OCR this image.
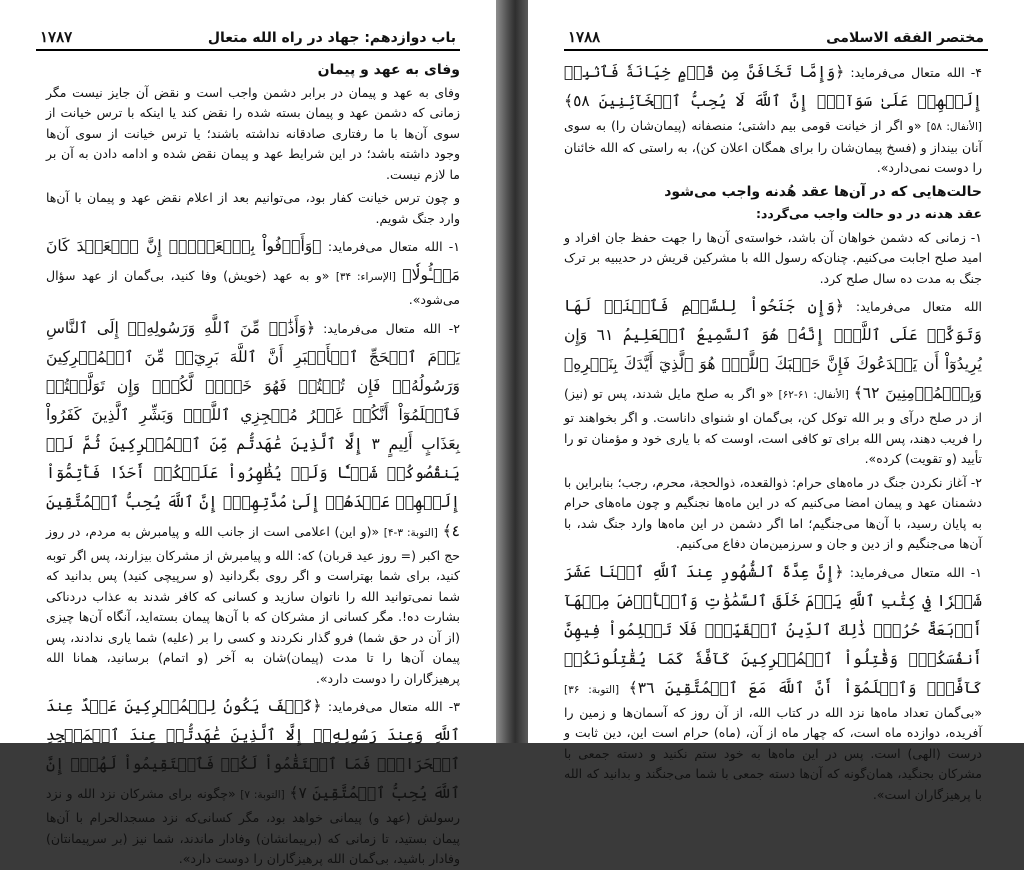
باب دوازدهم: جهاد در راه الله متعال
۱۷۸۷

وفای به عهد و پیمان

وفای به عهد و پیمان در برابر دشمن واجب است و نقض آن جایز نیست مگر زمانی که دشمن عهد و پیمان بسته شده را نقض کند یا اینکه با ترس خیانت از سوی آن‌ها با ما رفتاری صادقانه نداشته باشند؛ یا ترس خیانت از سوی آن‌ها وجود داشته باشد؛ در این شرایط عهد و پیمان نقض شده و ادامه دادن به آن بر ما لازم نیست.

و چون ترس خیانت کفار بود، می‌توانیم بعد از اعلام نقض عهد و پیمان با آن‌ها وارد جنگ شویم.

۱- الله متعال می‌فرماید: ﴿وَأَوۡفُواْ بِٱلۡعَهۡدِۖ إِنَّ ٱلۡعَهۡدَ كَانَ مَسۡـُٔولٗا﴾ [الإسراء: ۳۴] «و به عهد (خویش) وفا کنید، بی‌گمان از عهد سؤال می‌شود».

۲- الله متعال می‌فرماید: ﴿وَأَذَٰنٞ مِّنَ ٱللَّهِ وَرَسُولِهِۦٓ إِلَى ٱلنَّاسِ يَوۡمَ ٱلۡحَجِّ ٱلۡأَكۡبَرِ أَنَّ ٱللَّهَ بَرِيٓءٞ مِّنَ ٱلۡمُشۡرِكِينَ وَرَسُولُهُۥۚ فَإِن تُبۡتُمۡ فَهُوَ خَيۡرٞ لَّكُمۡۖ وَإِن تَوَلَّيۡتُمۡ فَٱعۡلَمُوٓاْ أَنَّكُمۡ غَيۡرُ مُعۡجِزِي ٱللَّهِۗ وَبَشِّرِ ٱلَّذِينَ كَفَرُواْ بِعَذَابٍ أَلِيمٍ ٣ إِلَّا ٱلَّذِينَ عَٰهَدتُّم مِّنَ ٱلۡمُشۡرِكِينَ ثُمَّ لَمۡ يَنقُصُوكُمۡ شَيۡـٔٗا وَلَمۡ يُظَٰهِرُواْ عَلَيۡكُمۡ أَحَدٗا فَأَتِمُّوٓاْ إِلَيۡهِمۡ عَهۡدَهُمۡ إِلَىٰ مُدَّتِهِمۡۚ إِنَّ ٱللَّهَ يُحِبُّ ٱلۡمُتَّقِينَ ٤﴾ [التوبة: ۳-۴] «(و این) اعلامی است از جانب الله و پیامبرش به مردم، در روز حج اکبر (= روز عید قربان) که: الله و پیامبرش از مشرکان بیزارند، پس اگر توبه کنید، برای شما بهتراست و اگر روی بگردانید (و سرپیچی کنید) پس بدانید که شما نمی‌توانید الله را ناتوان سازید و کسانی که کافر شدند به عذاب دردناکی بشارت ده!. مگر کسانی از مشرکان که با آن‌ها پیمان بسته‌اید، آنگاه آن‌ها چیزی (از آن در حق شما) فرو گذار نکردند و کسی را بر (علیه) شما یاری ندادند، پس پیمان آن‌ها را تا مدت (پیمان)شان به آخر (و اتمام) برسانید، همانا الله پرهیزگاران را دوست دارد».

۳- الله متعال می‌فرماید: ﴿كَيۡفَ يَكُونُ لِلۡمُشۡرِكِينَ عَهۡدٌ عِندَ ٱللَّهِ وَعِندَ رَسُولِهِۦٓ إِلَّا ٱلَّذِينَ عَٰهَدتُّمۡ عِندَ ٱلۡمَسۡجِدِ ٱلۡحَرَامِۖ فَمَا ٱسۡتَقَٰمُواْ لَكُمۡ فَٱسۡتَقِيمُواْ لَهُمۡۚ إِنَّ ٱللَّهَ يُحِبُّ ٱلۡمُتَّقِينَ ٧﴾ [التوبة: ۷] «چگونه برای مشرکان نزد الله و نزد رسولش (عهد و) پیمانی خواهد بود، مگر کسانی‌که نزد مسجدالحرام با آن‌ها پیمان بستید، تا زمانی که (برپیمانشان) وفادار ماندند، شما نیز (بر سرپیمانتان) وفادار باشید، بی‌گمان الله پرهیزگاران را دوست دارد».

مختصر الفقه الاسلامی
۱۷۸۸

۴- الله متعال می‌فرماید: ﴿وَإِمَّا تَخَافَنَّ مِن قَوۡمٍ خِيَانَةٗ فَٱنۢبِذۡ إِلَيۡهِمۡ عَلَىٰ سَوَآءٍۚ إِنَّ ٱللَّهَ لَا يُحِبُّ ٱلۡخَآئِنِينَ ٥٨﴾ [الأنفال: ۵۸] «و اگر از خیانت قومی بیم داشتی؛ منصفانه (پیمان‌شان را) به سوی آنان بینداز و (فسخ پیمان‌شان را برای همگان اعلان کن)، به راستی که الله خائنان را دوست نمی‌دارد».

حالت‌هایی که در آن‌ها عقد هُدنه واجب می‌شود

عقد هدنه در دو حالت واجب می‌گردد:

۱- زمانی که دشمن خواهان آن باشد، خواسته‌ی آن‌ها را جهت حفظ جان افراد و امید صلح اجابت می‌کنیم. چنان‌که رسول الله با مشرکین قریش در حدیبیه بر ترک جنگ به مدت ده سال صلح کرد.

الله متعال می‌فرماید: ﴿وَإِن جَنَحُواْ لِلسَّلۡمِ فَٱجۡنَحۡ لَهَا وَتَوَكَّلۡ عَلَى ٱللَّهِۚ إِنَّهُۥ هُوَ ٱلسَّمِيعُ ٱلۡعَلِيمُ ٦١ وَإِن يُرِيدُوٓاْ أَن يَخۡدَعُوكَ فَإِنَّ حَسۡبَكَ ٱللَّهُۚ هُوَ ٱلَّذِيٓ أَيَّدَكَ بِنَصۡرِهِۦ وَبِٱلۡمُؤۡمِنِينَ ٦٢﴾ [الأنفال: ۶۱-۶۲] «و اگر به صلح مایل شدند، پس تو (نیز) از در صلح درآی و بر الله توکل کن، بی‌گمان او شنوای داناست. و اگر بخواهند تو را فریب دهند، پس الله برای تو کافی است، اوست که با یاری خود و مؤمنان تو را تأیید (و تقویت) کرده».

۲- آغاز نکردن جنگ در ماه‌های حرام: ذوالقعده، ذوالحجة، محرم، رجب؛ بنابراین با دشمنان عهد و پیمان امضا می‌کنیم که در این ماه‌ها نجنگیم و چون ماه‌های حرام به پایان رسید، با آن‌ها می‌جنگیم؛ اما اگر دشمن در این ماه‌ها وارد جنگ شد، با آن‌ها می‌جنگیم و از دین و جان و سرزمین‌مان دفاع می‌کنیم.

۱- الله متعال می‌فرماید: ﴿إِنَّ عِدَّةَ ٱلشُّهُورِ عِندَ ٱللَّهِ ٱثۡنَا عَشَرَ شَهۡرٗا فِي كِتَٰبِ ٱللَّهِ يَوۡمَ خَلَقَ ٱلسَّمَٰوَٰتِ وَٱلۡأَرۡضَ مِنۡهَآ أَرۡبَعَةٌ حُرُمٞۚ ذَٰلِكَ ٱلدِّينُ ٱلۡقَيِّمُۚ فَلَا تَظۡلِمُواْ فِيهِنَّ أَنفُسَكُمۡۚ وَقَٰتِلُواْ ٱلۡمُشۡرِكِينَ كَآفَّةٗ كَمَا يُقَٰتِلُونَكُمۡ كَآفَّةٗۚ وَٱعۡلَمُوٓاْ أَنَّ ٱللَّهَ مَعَ ٱلۡمُتَّقِينَ ٣٦﴾ [التوبة: ۳۶] «بی‌گمان تعداد ماه‌ها نزد الله در کتاب الله، از آن روز که آسمان‌ها و زمین را آفریده، دوازده ماه است، که چهار ماه از آن، (ماه) حرام است این، دین ثابت و درست (الهی) است. پس در این ماه‌ها به خود ستم نکنید و دسته جمعی با مشرکان بجنگید، همان‌گونه که آن‌ها دسته جمعی با شما می‌جنگند و بدانید که الله با پرهیزگاران است».
